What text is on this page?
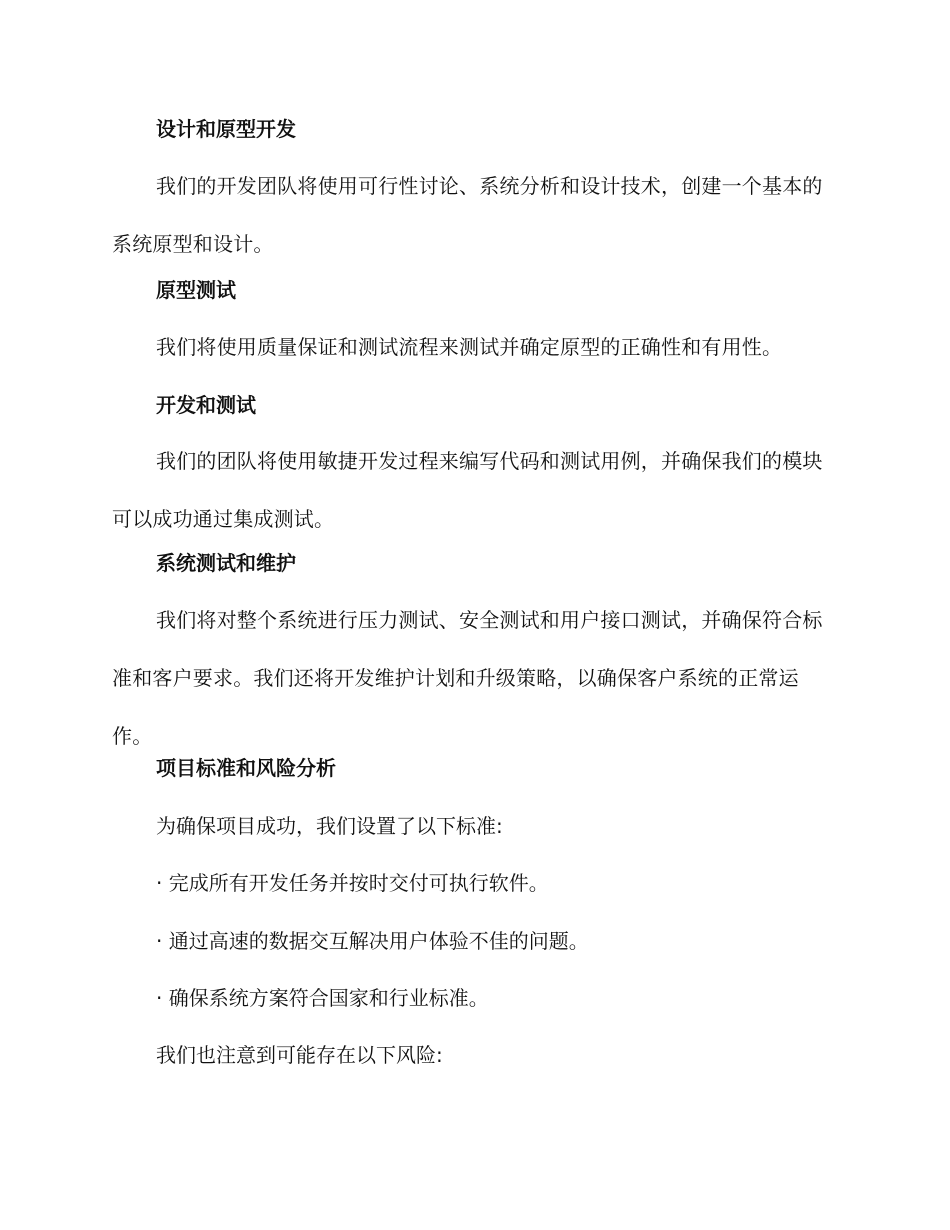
设计和原型开发
我们的开发团队将使用可行性讨论、系统分析和设计技术，创建一个基本的系统原型和设计。
原型测试
我们将使用质量保证和测试流程来测试并确定原型的正确性和有用性。
开发和测试
我们的团队将使用敏捷开发过程来编写代码和测试用例，并确保我们的模块可以成功通过集成测试。
系统测试和维护
我们将对整个系统进行压力测试、安全测试和用户接口测试，并确保符合标准和客户要求。我们还将开发维护计划和升级策略，以确保客户系统的正常运作。
项目标准和风险分析
为确保项目成功，我们设置了以下标准:
· 完成所有开发任务并按时交付可执行软件。
· 通过高速的数据交互解决用户体验不佳的问题。
· 确保系统方案符合国家和行业标准。
我们也注意到可能存在以下风险:
